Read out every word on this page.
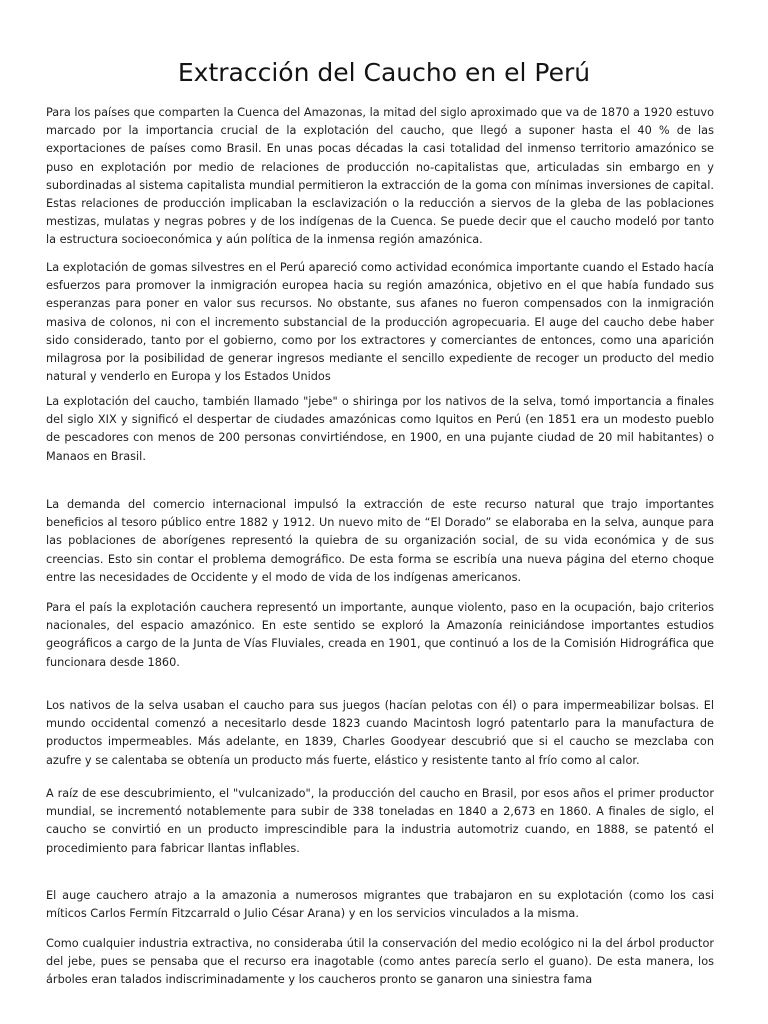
Extracción del Caucho en el Perú

Para los países que comparten la Cuenca del Amazonas, la mitad del siglo aproximado que va de 1870 a 1920 estuvo marcado por la importancia crucial de la explotación del caucho, que llegó a suponer hasta el 40 % de las exportaciones de países como Brasil. En unas pocas décadas la casi totalidad del inmenso territorio amazónico se puso en explotación por medio de relaciones de producción no-capitalistas que, articuladas sin embargo en y subordinadas al sistema capitalista mundial permitieron la extracción de la goma con mínimas inversiones de capital. Estas relaciones de producción implicaban la esclavización o la reducción a siervos de la gleba de las poblaciones mestizas, mulatas y negras pobres y de los indígenas de la Cuenca. Se puede decir que el caucho modeló por tanto la estructura socioeconómica y aún política de la inmensa región amazónica.

La explotación de gomas silvestres en el Perú apareció como actividad económica importante cuando el Estado hacía esfuerzos para promover la inmigración europea hacia su región amazónica, objetivo en el que había fundado sus esperanzas para poner en valor sus recursos. No obstante, sus afanes no fueron compensados con la inmigración masiva de colonos, ni con el incremento substancial de la producción agropecuaria. El auge del caucho debe haber sido considerado, tanto por el gobierno, como por los extractores y comerciantes de entonces, como una aparición milagrosa por la posibilidad de generar ingresos mediante el sencillo expediente de recoger un producto del medio natural y venderlo en Europa y los Estados Unidos

La explotación del caucho, también llamado "jebe" o shiringa por los nativos de la selva, tomó importancia a finales del siglo XIX y significó el despertar de ciudades amazónicas como Iquitos en Perú (en 1851 era un modesto pueblo de pescadores con menos de 200 personas convirtiéndose, en 1900, en una pujante ciudad de 20 mil habitantes) o Manaos en Brasil.

La demanda del comercio internacional impulsó la extracción de este recurso natural que trajo importantes beneficios al tesoro público entre 1882 y 1912. Un nuevo mito de “El Dorado” se elaboraba en la selva, aunque para las poblaciones de aborígenes representó la quiebra de su organización social, de su vida económica y de sus creencias. Esto sin contar el problema demográfico. De esta forma se escribía una nueva página del eterno choque entre las necesidades de Occidente y el modo de vida de los indígenas americanos.

Para el país la explotación cauchera representó un importante, aunque violento, paso en la ocupación, bajo criterios nacionales, del espacio amazónico. En este sentido se exploró la Amazonía reiniciándose importantes estudios geográficos a cargo de la Junta de Vías Fluviales, creada en 1901, que continuó a los de la Comisión Hidrográfica que funcionara desde 1860.

Los nativos de la selva usaban el caucho para sus juegos (hacían pelotas con él) o para impermeabilizar bolsas. El mundo occidental comenzó a necesitarlo desde 1823 cuando Macintosh logró patentarlo para la manufactura de productos impermeables. Más adelante, en 1839, Charles Goodyear descubrió que si el caucho se mezclaba con azufre y se calentaba se obtenía un producto más fuerte, elástico y resistente tanto al frío como al calor.

A raíz de ese descubrimiento, el "vulcanizado", la producción del caucho en Brasil, por esos años el primer productor mundial, se incrementó notablemente para subir de 338 toneladas en 1840 a 2,673 en 1860. A finales de siglo, el caucho se convirtió en un producto imprescindible para la industria automotriz cuando, en 1888, se patentó el procedimiento para fabricar llantas inflables.

El auge cauchero atrajo a la amazonia a numerosos migrantes que trabajaron en su explotación (como los casi míticos Carlos Fermín Fitzcarrald o Julio César Arana) y en los servicios vinculados a la misma.

Como cualquier industria extractiva, no consideraba útil la conservación del medio ecológico ni la del árbol productor del jebe, pues se pensaba que el recurso era inagotable (como antes parecía serlo el guano). De esta manera, los árboles eran talados indiscriminadamente y los caucheros pronto se ganaron una siniestra fama
